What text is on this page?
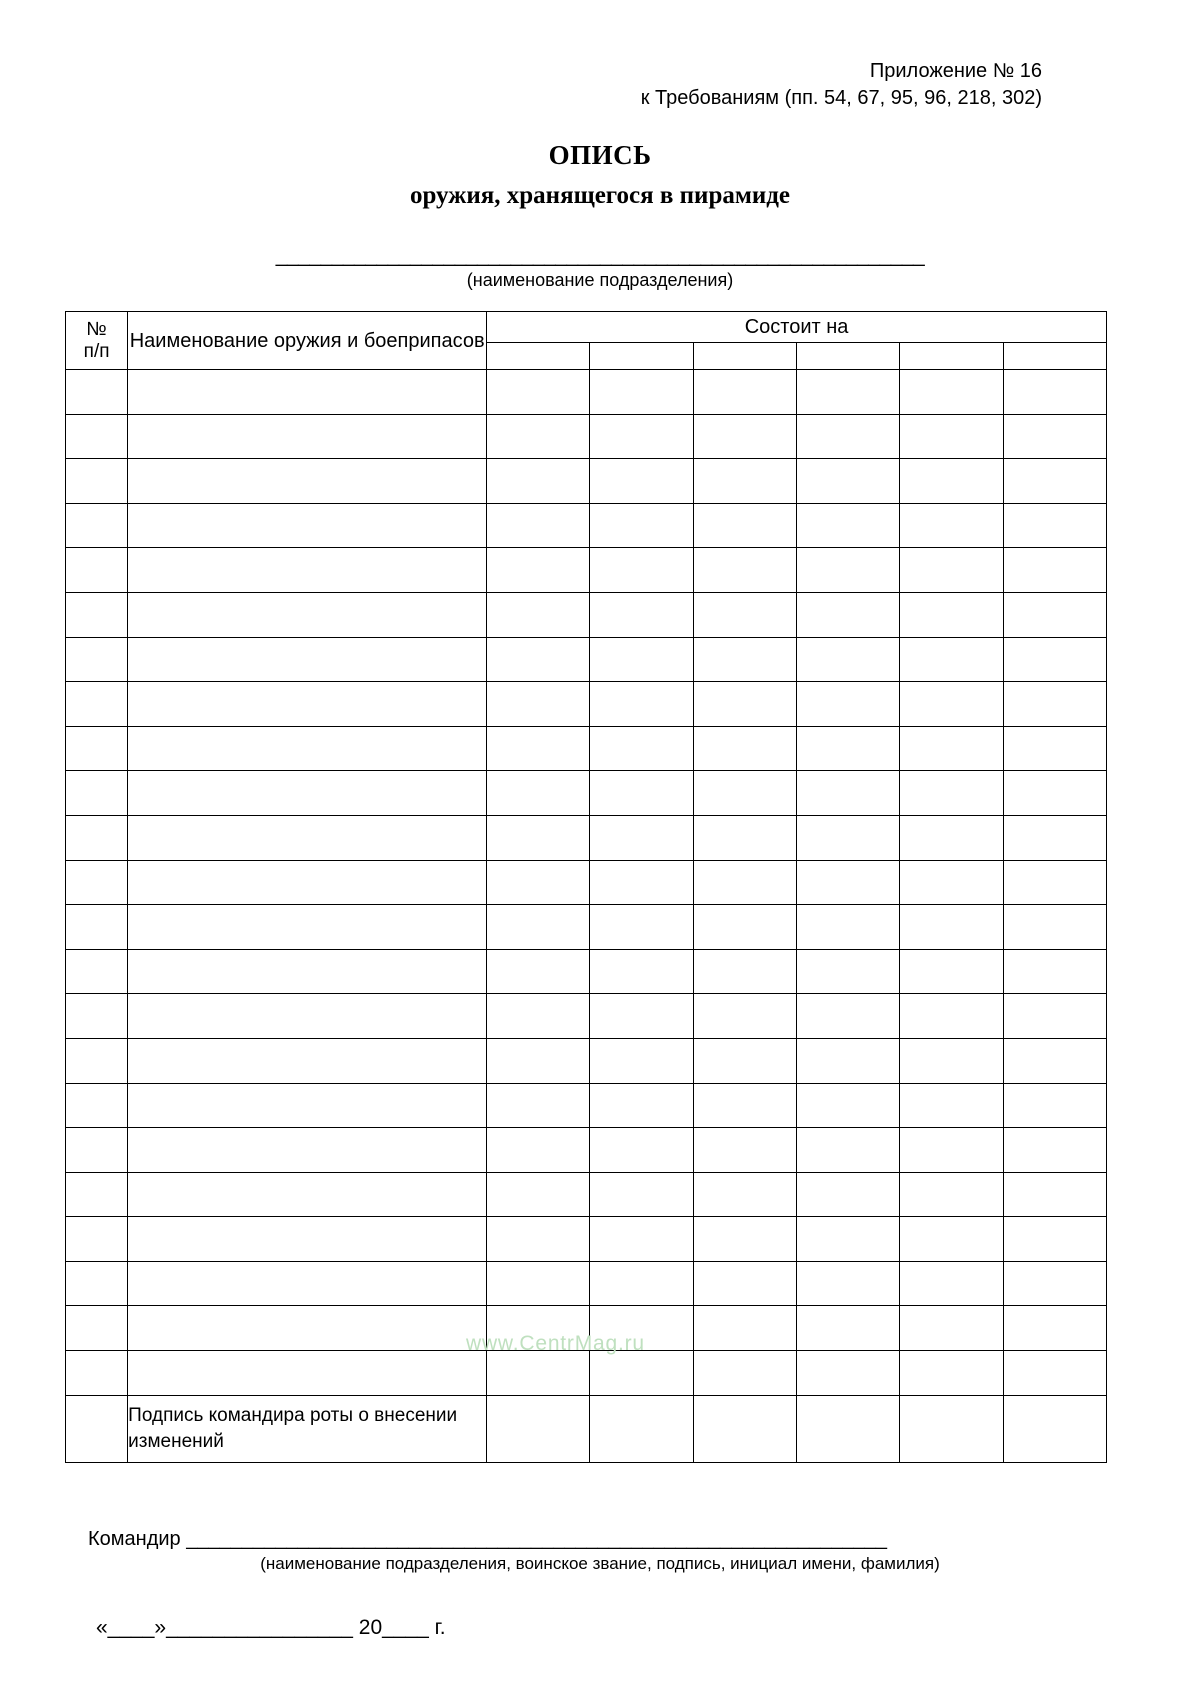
Приложение № 16
к Требованиям (пп. 54, 67, 95, 96, 218, 302)
ОПИСЬ
оружия, хранящегося в пирамиде
__________________________________________________________
(наименование подразделения)
№
п/п	Наименование оружия и боеприпасов	Состоит на					

	Подпись командира роты о внесении изменений						
Командир _______________________________________________________________
(наименование подразделения, воинское звание, подпись, инициал имени, фамилия)
«____»________________ 20____ г.
www.CentrMag.ru
